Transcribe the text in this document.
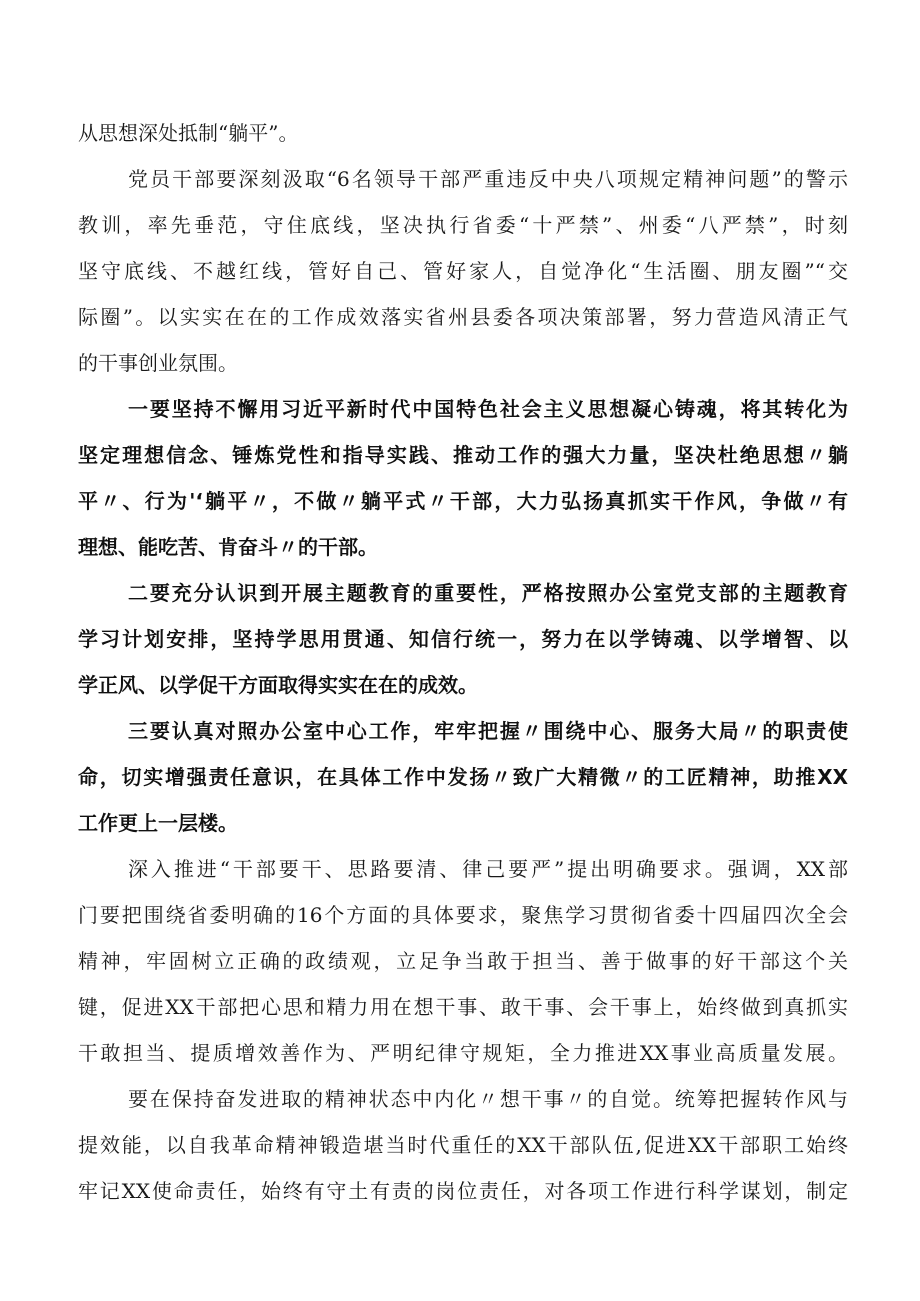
从思想深处抵制“躺平”。

党员干部要深刻汲取“6名领导干部严重违反中央八项规定精神问题”的警示

教训，率先垂范，守住底线，坚决执行省委“十严禁”、州委“八严禁”，时刻

坚守底线、不越红线，管好自己、管好家人，自觉净化“生活圈、朋友圈”“交

际圈”。以实实在在的工作成效落实省州县委各项决策部署，努力营造风清正气

的干事创业氛围。

一要坚持不懈用习近平新时代中国特色社会主义思想凝心铸魂，将其转化为

坚定理想信念、锤炼党性和指导实践、推动工作的强大力量，坚决杜绝思想〃躺

平〃、行为'‘躺平〃，不做〃躺平式〃干部，大力弘扬真抓实干作风，争做〃有

理想、能吃苦、肯奋斗〃的干部。

二要充分认识到开展主题教育的重要性，严格按照办公室党支部的主题教育

学习计划安排，坚持学思用贯通、知信行统一，努力在以学铸魂、以学增智、以

学正风、以学促干方面取得实实在在的成效。

三要认真对照办公室中心工作，牢牢把握〃围绕中心、服务大局〃的职责使

命，切实增强责任意识，在具体工作中发扬〃致广大精微〃的工匠精神，助推XX

工作更上一层楼。

深入推进“干部要干、思路要清、律己要严”提出明确要求。强调，XX部

门要把围绕省委明确的16个方面的具体要求，聚焦学习贯彻省委十四届四次全会

精神，牢固树立正确的政绩观，立足争当敢于担当、善于做事的好干部这个关

键，促进XX干部把心思和精力用在想干事、敢干事、会干事上，始终做到真抓实

干敢担当、提质增效善作为、严明纪律守规矩，全力推进XX事业高质量发展。

要在保持奋发进取的精神状态中内化〃想干事〃的自觉。统筹把握转作风与

提效能，以自我革命精神锻造堪当时代重任的XX干部队伍,促进XX干部职工始终

牢记XX使命责任，始终有守土有责的岗位责任，对各项工作进行科学谋划，制定
